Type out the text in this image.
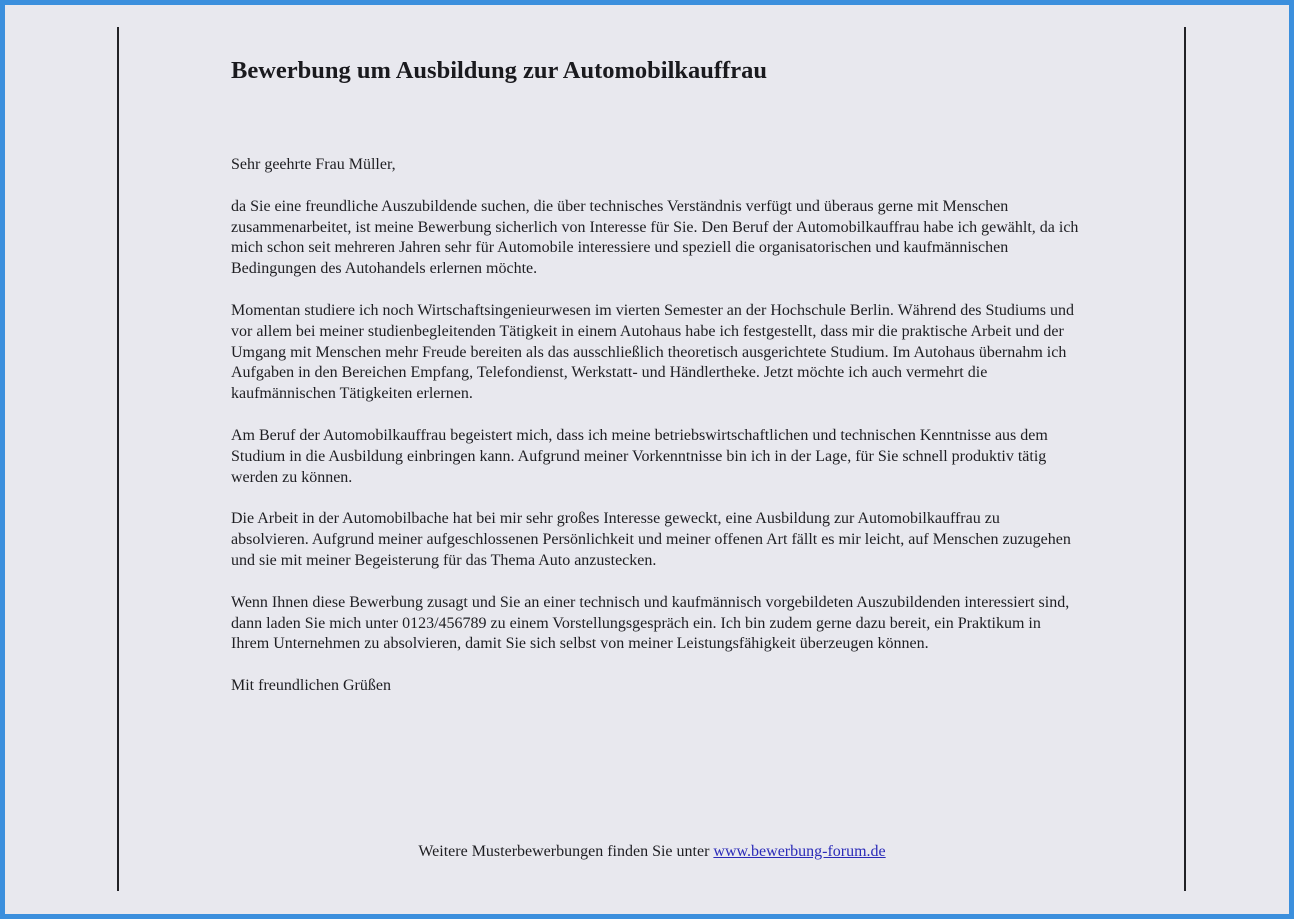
Bewerbung um Ausbildung zur Automobilkauffrau

Sehr geehrte Frau Müller,

da Sie eine freundliche Auszubildende suchen, die über technisches Verständnis verfügt und überaus gerne mit Menschen zusammenarbeitet, ist meine Bewerbung sicherlich von Interesse für Sie. Den Beruf der Automobilkauffrau habe ich gewählt, da ich mich schon seit mehreren Jahren sehr für Automobile interessiere und speziell die organisatorischen und kaufmännischen Bedingungen des Autohandels erlernen möchte.

Momentan studiere ich noch Wirtschaftsingenieurwesen im vierten Semester an der Hochschule Berlin. Während des Studiums und vor allem bei meiner studienbegleitenden Tätigkeit in einem Autohaus habe ich festgestellt, dass mir die praktische Arbeit und der Umgang mit Menschen mehr Freude bereiten als das ausschließlich theoretisch ausgerichtete Studium. Im Autohaus übernahm ich Aufgaben in den Bereichen Empfang, Telefondienst, Werkstatt- und Händlertheke. Jetzt möchte ich auch vermehrt die kaufmännischen Tätigkeiten erlernen.

Am Beruf der Automobilkauffrau begeistert mich, dass ich meine betriebswirtschaftlichen und technischen Kenntnisse aus dem Studium in die Ausbildung einbringen kann. Aufgrund meiner Vorkenntnisse bin ich in der Lage, für Sie schnell produktiv tätig werden zu können.

Die Arbeit in der Automobilbache hat bei mir sehr großes Interesse geweckt, eine Ausbildung zur Automobilkauffrau zu absolvieren. Aufgrund meiner aufgeschlossenen Persönlichkeit und meiner offenen Art fällt es mir leicht, auf Menschen zuzugehen und sie mit meiner Begeisterung für das Thema Auto anzustecken.

Wenn Ihnen diese Bewerbung zusagt und Sie an einer technisch und kaufmännisch vorgebildeten Auszubildenden interessiert sind, dann laden Sie mich unter 0123/456789 zu einem Vorstellungsgespräch ein. Ich bin zudem gerne dazu bereit, ein Praktikum in Ihrem Unternehmen zu absolvieren, damit Sie sich selbst von meiner Leistungsfähigkeit überzeugen können.

Mit freundlichen Grüßen

Weitere Musterbewerbungen finden Sie unter www.bewerbung-forum.de
